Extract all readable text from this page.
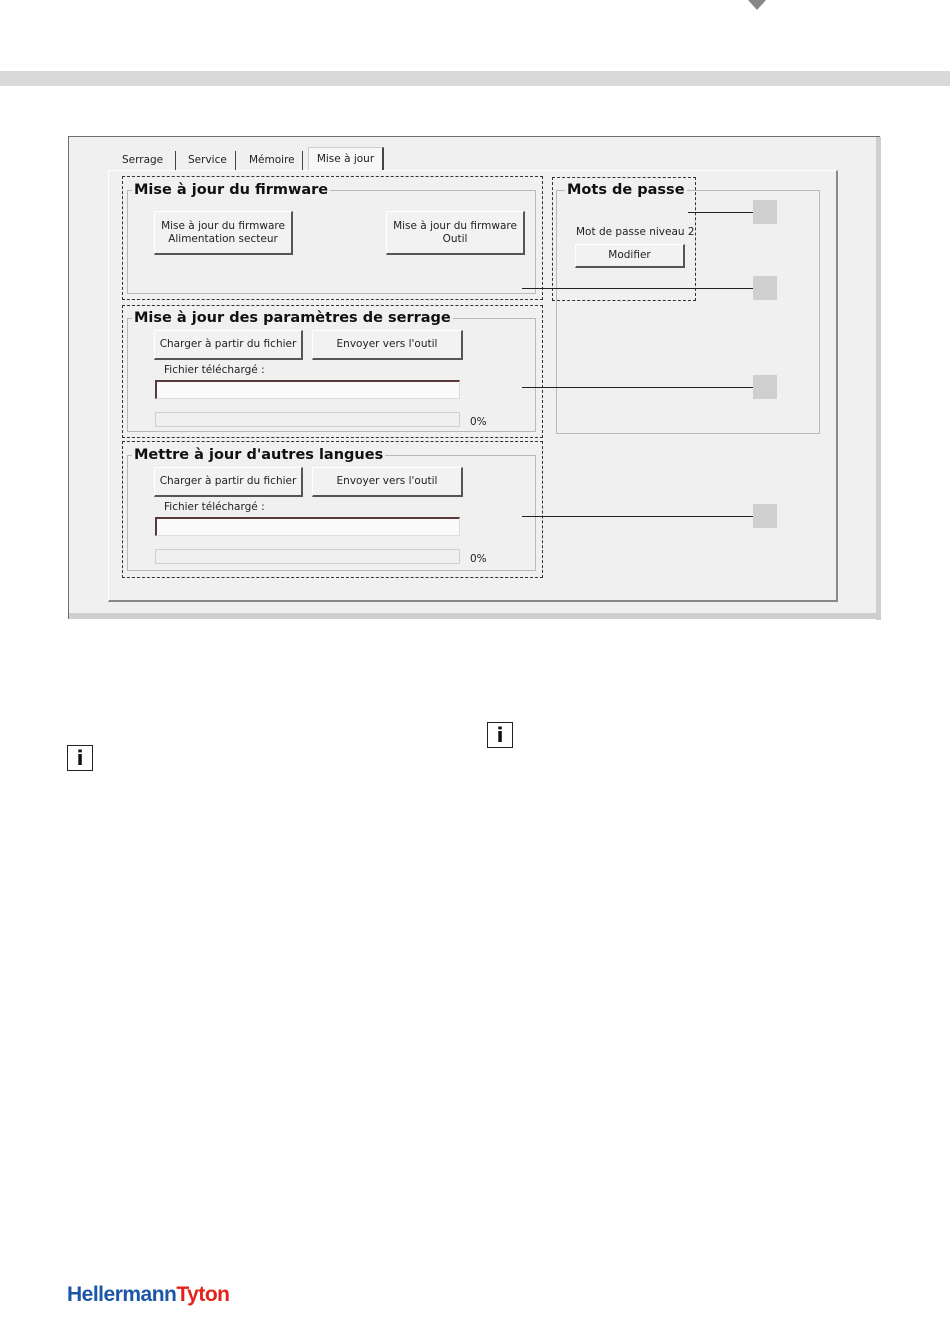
Serrage Service Mémoire	Mise à jour
Mise à jour du firmware
Mise à jour du firmware
Alimentation secteur
Mise à jour du firmware
Outil
Mots de passe
Mot de passe niveau 2
Modifier
Mise à jour des paramètres de serrage
Charger à partir du fichier	Envoyer vers l'outil
Fichier téléchargé :
0%
Mettre à jour d'autres langues
Charger à partir du fichier	Envoyer vers l'outil
Fichier téléchargé :
0%
i
i
HellermannTyton
